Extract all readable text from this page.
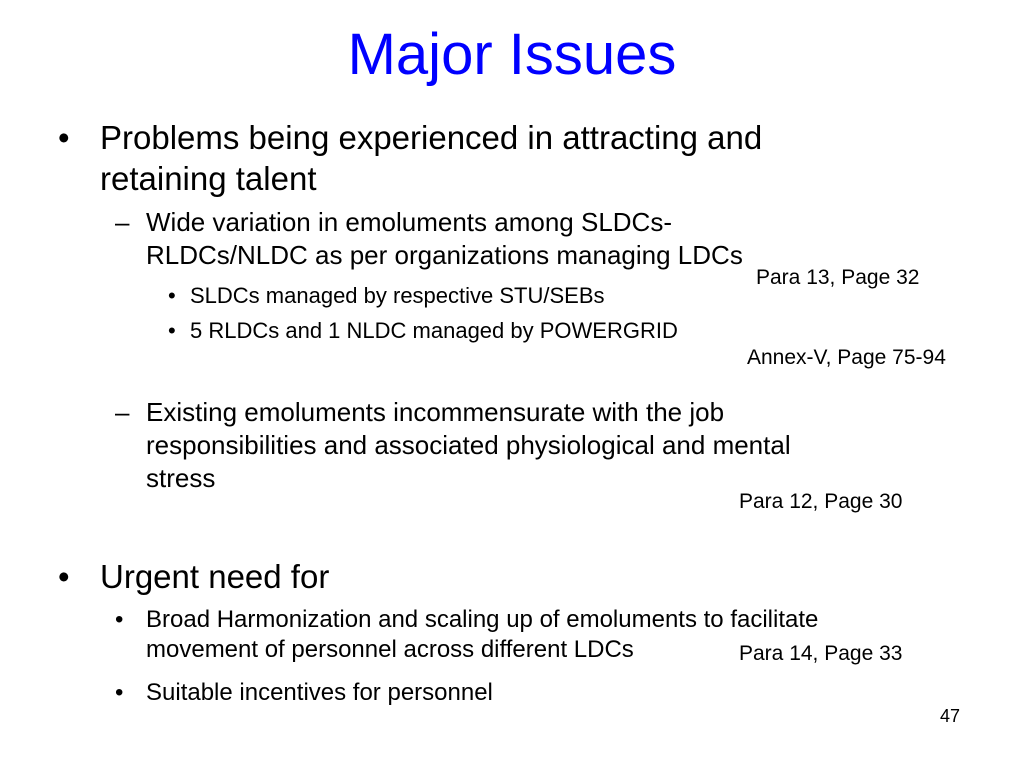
Major Issues
• Problems being experienced in attracting and
retaining talent
– Wide variation in emoluments among SLDCs-
RLDCs/NLDC as per organizations managing LDCs
Para 13, Page 32
• SLDCs managed by respective STU/SEBs
• 5 RLDCs and 1 NLDC managed by POWERGRID
Annex-V, Page 75-94
– Existing emoluments incommensurate with the job
responsibilities and associated physiological and mental
stress
Para 12, Page 30
• Urgent need for
• Broad Harmonization and scaling up of emoluments to facilitate
movement of personnel across different LDCs	Para 14, Page 33
• Suitable incentives for personnel
47
